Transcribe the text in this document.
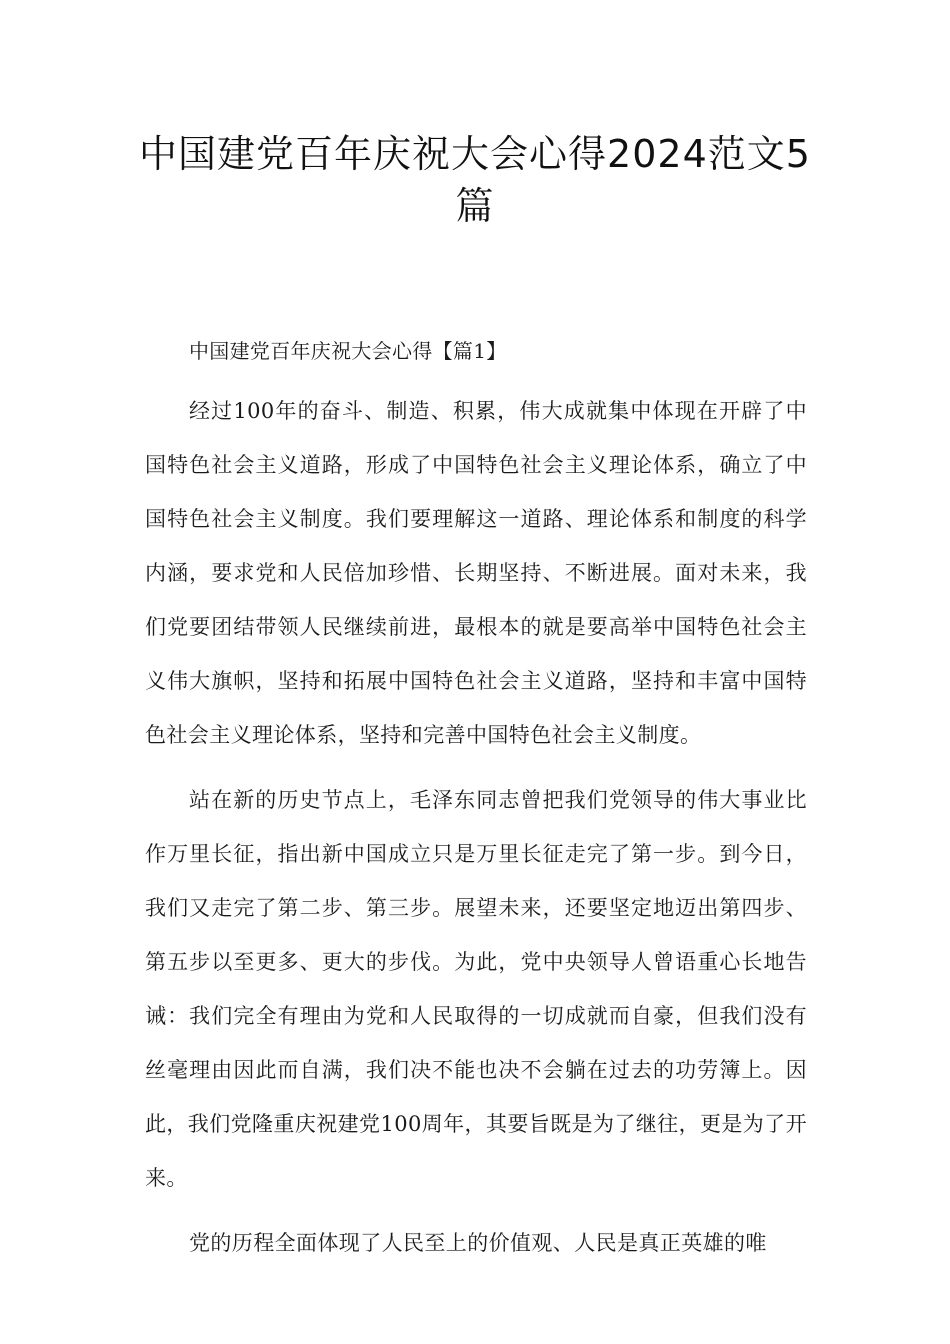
中国建党百年庆祝大会心得2024范文5篇

中国建党百年庆祝大会心得【篇1】

经过100年的奋斗、制造、积累，伟大成就集中体现在开辟了中国特色社会主义道路，形成了中国特色社会主义理论体系，确立了中国特色社会主义制度。我们要理解这一道路、理论体系和制度的科学内涵，要求党和人民倍加珍惜、长期坚持、不断进展。面对未来，我们党要团结带领人民继续前进，最根本的就是要高举中国特色社会主义伟大旗帜，坚持和拓展中国特色社会主义道路，坚持和丰富中国特色社会主义理论体系，坚持和完善中国特色社会主义制度。

站在新的历史节点上，毛泽东同志曾把我们党领导的伟大事业比作万里长征，指出新中国成立只是万里长征走完了第一步。到今日，我们又走完了第二步、第三步。展望未来，还要坚定地迈出第四步、第五步以至更多、更大的步伐。为此，党中央领导人曾语重心长地告诫：我们完全有理由为党和人民取得的一切成就而自豪，但我们没有丝毫理由因此而自满，我们决不能也决不会躺在过去的功劳簿上。因此，我们党隆重庆祝建党100周年，其要旨既是为了继往，更是为了开来。

党的历程全面体现了人民至上的价值观、人民是真正英雄的唯
